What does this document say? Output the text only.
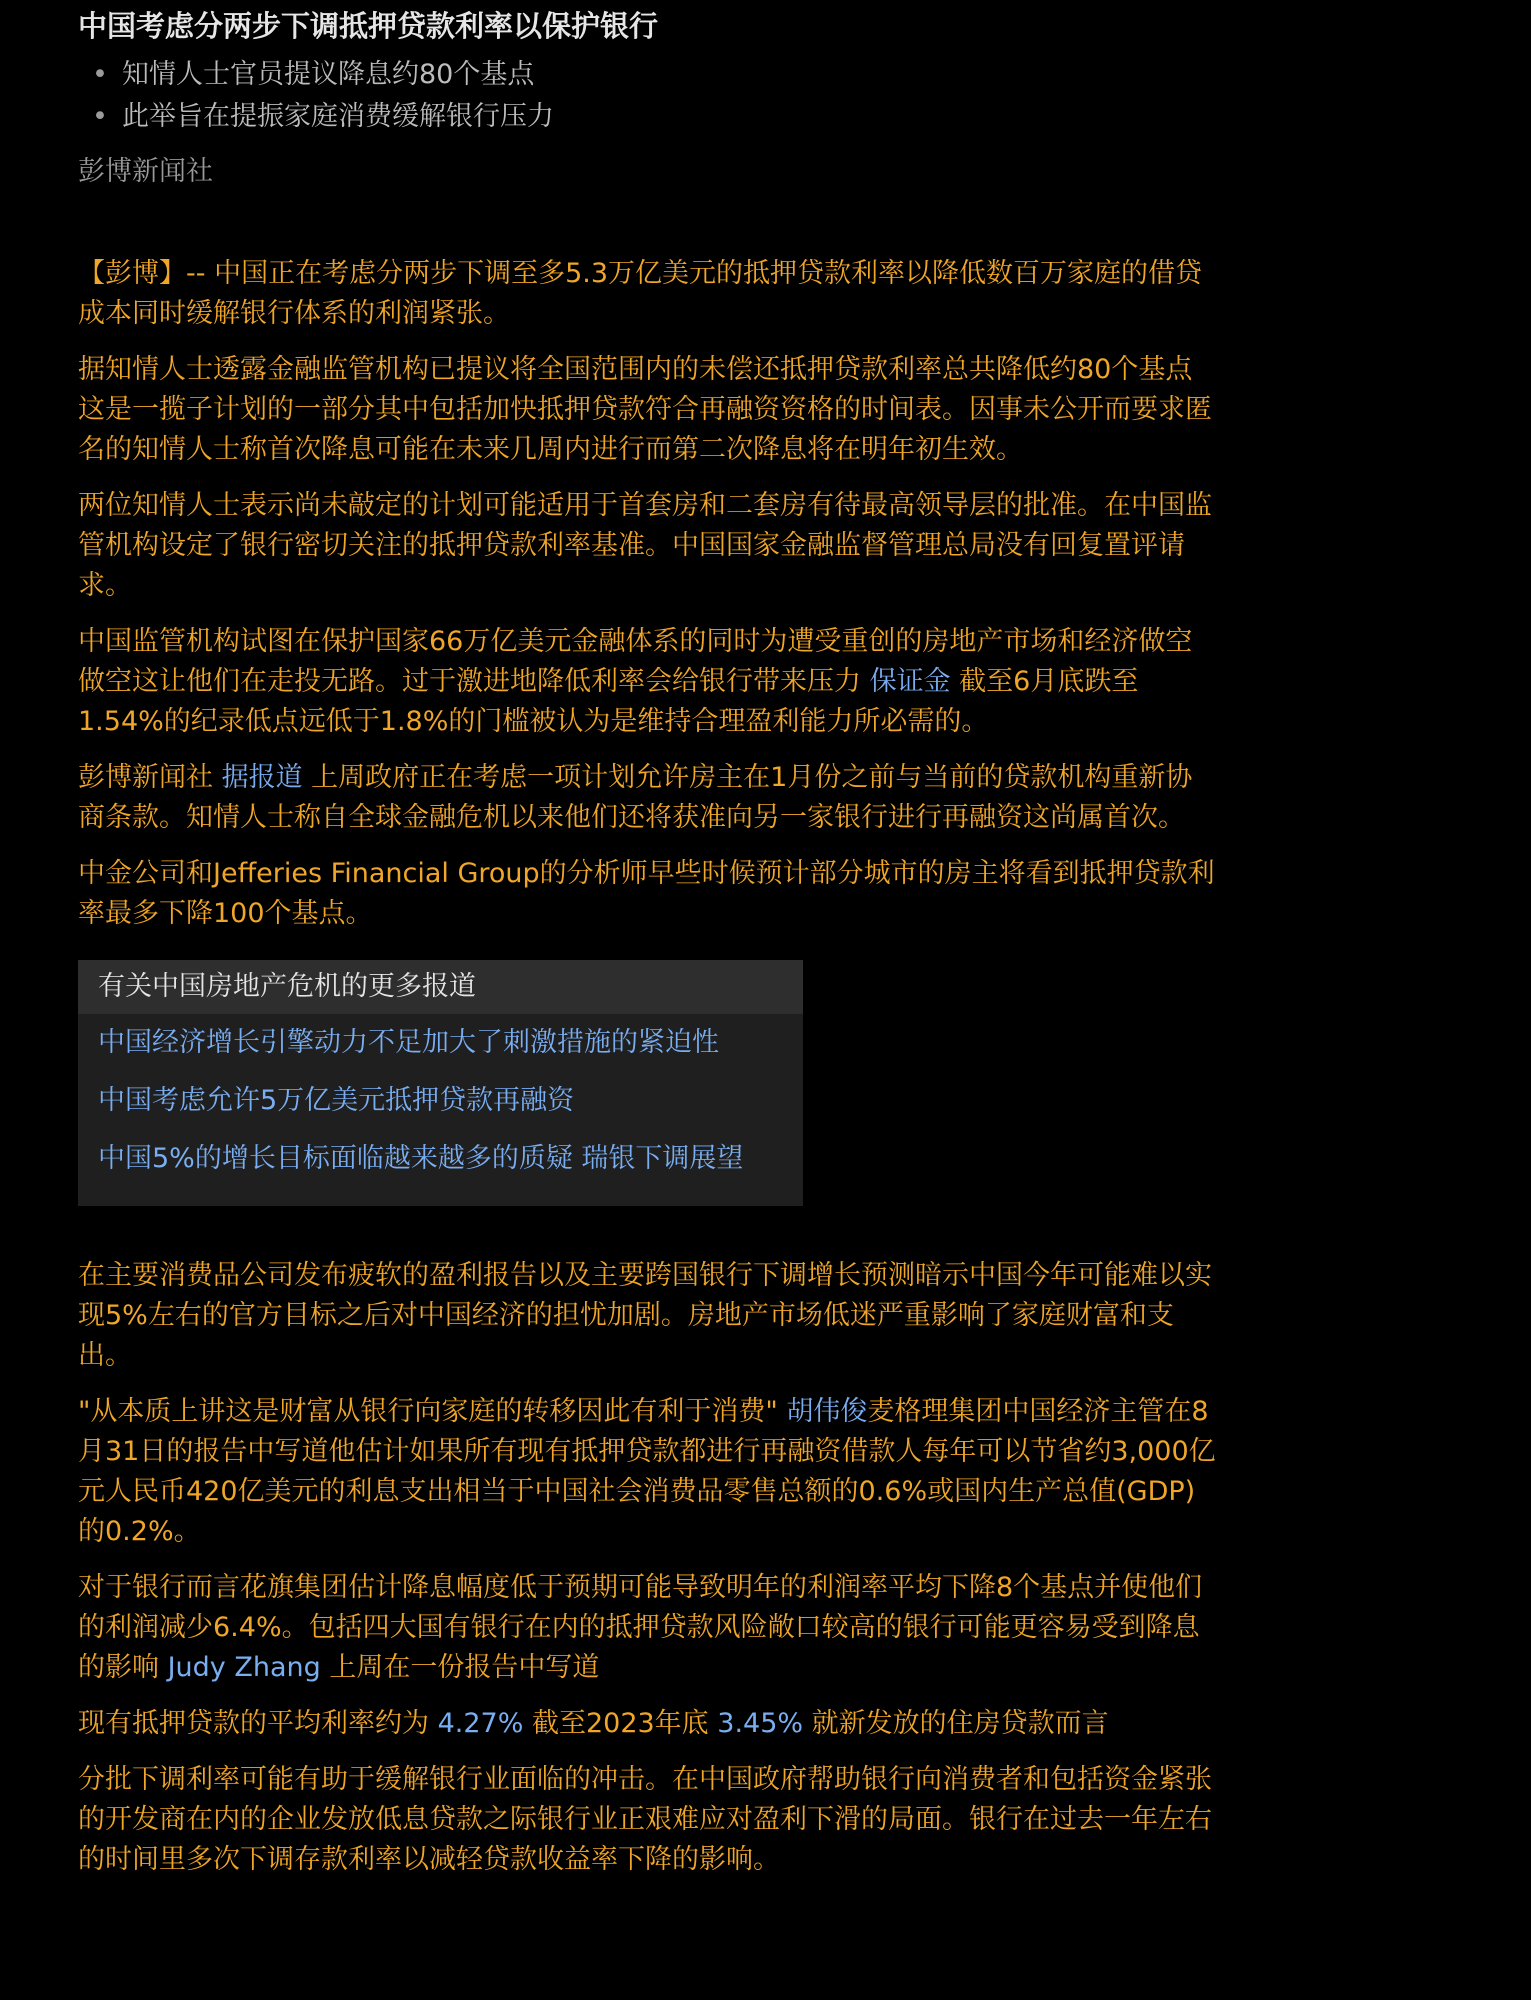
中国考虑分两步下调抵押贷款利率以保护银行
• 知情人士官员提议降息约80个基点
• 此举旨在提振家庭消费缓解银行压力
彭博新闻社

【彭博】-- 中国正在考虑分两步下调至多5.3万亿美元的抵押贷款利率以降低数百万家庭的借贷成本同时缓解银行体系的利润紧张。

据知情人士透露金融监管机构已提议将全国范围内的未偿还抵押贷款利率总共降低约80个基点这是一揽子计划的一部分其中包括加快抵押贷款符合再融资资格的时间表。因事未公开而要求匿名的知情人士称首次降息可能在未来几周内进行而第二次降息将在明年初生效。

两位知情人士表示尚未敲定的计划可能适用于首套房和二套房有待最高领导层的批准。在中国监管机构设定了银行密切关注的抵押贷款利率基准。中国国家金融监督管理总局没有回复置评请求。

中国监管机构试图在保护国家66万亿美元金融体系的同时为遭受重创的房地产市场和经济做空做空这让他们在走投无路。过于激进地降低利率会给银行带来压力 保证金 截至6月底跌至1.54%的纪录低点远低于1.8%的门槛被认为是维持合理盈利能力所必需的。

彭博新闻社 据报道 上周政府正在考虑一项计划允许房主在1月份之前与当前的贷款机构重新协商条款。知情人士称自全球金融危机以来他们还将获准向另一家银行进行再融资这尚属首次。

中金公司和Jefferies Financial Group的分析师早些时候预计部分城市的房主将看到抵押贷款利率最多下降100个基点。

有关中国房地产危机的更多报道
中国经济增长引擎动力不足加大了刺激措施的紧迫性
中国考虑允许5万亿美元抵押贷款再融资
中国5%的增长目标面临越来越多的质疑 瑞银下调展望

在主要消费品公司发布疲软的盈利报告以及主要跨国银行下调增长预测暗示中国今年可能难以实现5%左右的官方目标之后对中国经济的担忧加剧。房地产市场低迷严重影响了家庭财富和支出。

"从本质上讲这是财富从银行向家庭的转移因此有利于消费" 胡伟俊麦格理集团中国经济主管在8月31日的报告中写道他估计如果所有现有抵押贷款都进行再融资借款人每年可以节省约3,000亿元人民币420亿美元的利息支出相当于中国社会消费品零售总额的0.6%或国内生产总值(GDP)的0.2%。

对于银行而言花旗集团估计降息幅度低于预期可能导致明年的利润率平均下降8个基点并使他们的利润减少6.4%。包括四大国有银行在内的抵押贷款风险敞口较高的银行可能更容易受到降息的影响 Judy Zhang 上周在一份报告中写道

现有抵押贷款的平均利率约为 4.27% 截至2023年底 3.45% 就新发放的住房贷款而言

分批下调利率可能有助于缓解银行业面临的冲击。在中国政府帮助银行向消费者和包括资金紧张的开发商在内的企业发放低息贷款之际银行业正艰难应对盈利下滑的局面。银行在过去一年左右的时间里多次下调存款利率以减轻贷款收益率下降的影响。
